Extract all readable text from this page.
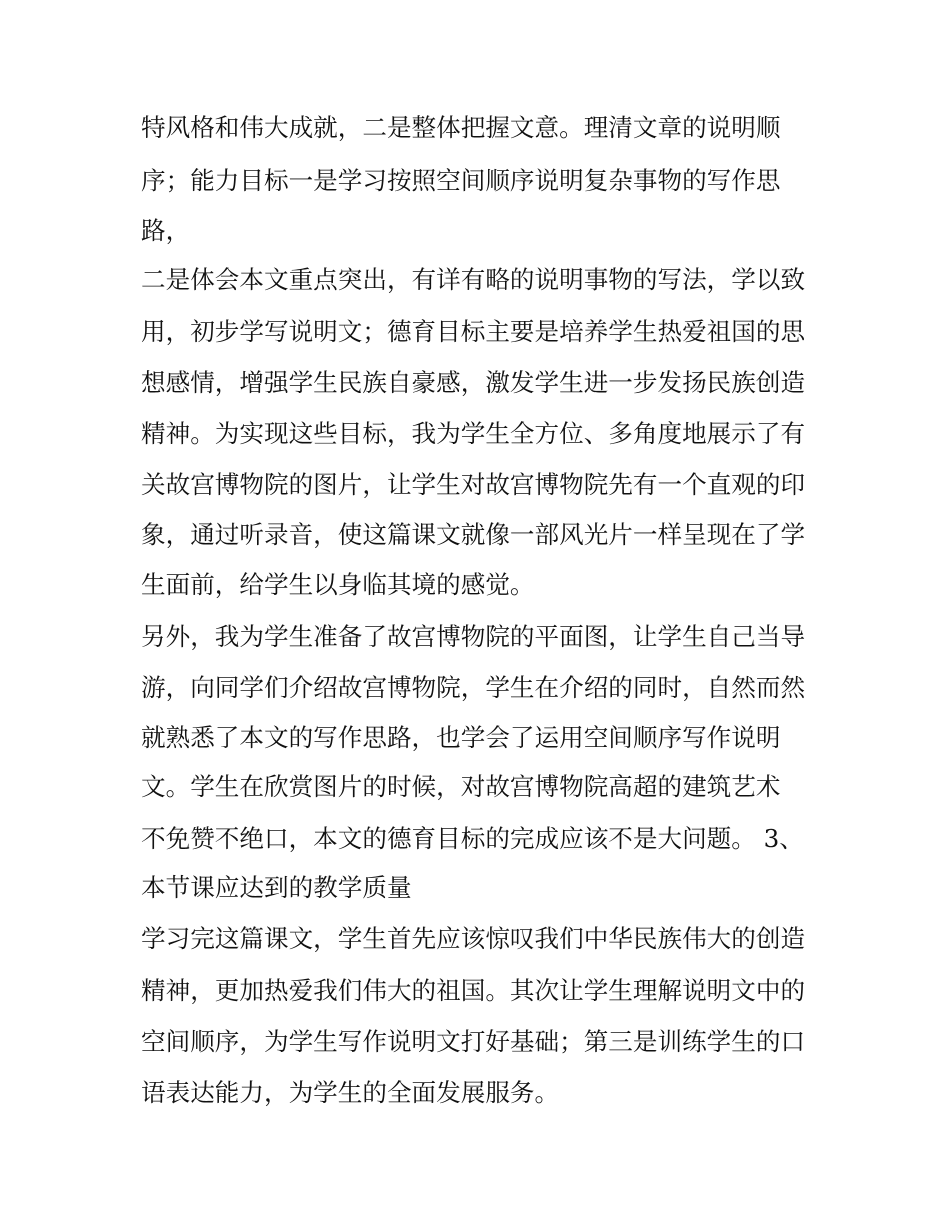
特风格和伟大成就，二是整体把握文意。理清文章的说明顺

序；能力目标一是学习按照空间顺序说明复杂事物的写作思

路，

二是体会本文重点突出，有详有略的说明事物的写法，学以致

用，初步学写说明文；德育目标主要是培养学生热爱祖国的思

想感情，增强学生民族自豪感，激发学生进一步发扬民族创造

精神。为实现这些目标，我为学生全方位、多角度地展示了有

关故宫博物院的图片，让学生对故宫博物院先有一个直观的印

象，通过听录音，使这篇课文就像一部风光片一样呈现在了学

生面前，给学生以身临其境的感觉。

另外，我为学生准备了故宫博物院的平面图，让学生自己当导

游，向同学们介绍故宫博物院，学生在介绍的同时，自然而然

就熟悉了本文的写作思路，也学会了运用空间顺序写作说明

文。学生在欣赏图片的时候，对故宫博物院高超的建筑艺术

不免赞不绝口，本文的德育目标的完成应该不是大问题。 3、

本节课应达到的教学质量

学习完这篇课文，学生首先应该惊叹我们中华民族伟大的创造

精神，更加热爱我们伟大的祖国。其次让学生理解说明文中的

空间顺序，为学生写作说明文打好基础；第三是训练学生的口

语表达能力，为学生的全面发展服务。
